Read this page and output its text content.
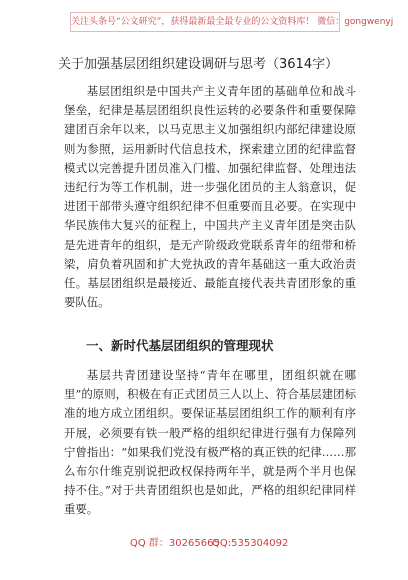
关注头条号“公文研究”，获得最新最全最专业的公文资料库！ 微信：gongwenyj
关于加强基层团组织建设调研与思考（3614字）

基层团组织是中国共产主义青年团的基础单位和战斗堡垒，纪律是基层团组织良性运转的必要条件和重要保障建团百余年以来，以马克思主义加强组织内部纪律建设原则为参照，运用新时代信息技术，探索建立团的纪律监督模式以完善提升团员准入门槛、加强纪律监督、处理违法违纪行为等工作机制，进一步强化团员的主人翁意识，促进团干部带头遵守组织纪律不但重要而且必要。在实现中华民族伟大复兴的征程上，中国共产主义青年团是突击队是先进青年的组织，是无产阶级政党联系青年的纽带和桥梁，肩负着巩固和扩大党执政的青年基础这一重大政治责任。基层团组织是最接近、最能直接代表共青团形象的重要队伍。

一、新时代基层团组织的管理现状

基层共青团建设坚持“青年在哪里，团组织就在哪里”的原则，积极在有正式团员三人以上、符合基层建团标准的地方成立团组织。要保证基层团组织工作的顺利有序开展，必须要有铁一般严格的组织纪律进行强有力保障列宁曾指出：“如果我们党没有极严格的真正铁的纪律……那么布尔什维克别说把政权保持两年半，就是两个半月也保持不住。”对于共青团组织也是如此，严格的组织纪律同样重要。

QQ 群：30265665
QQ:535304092
